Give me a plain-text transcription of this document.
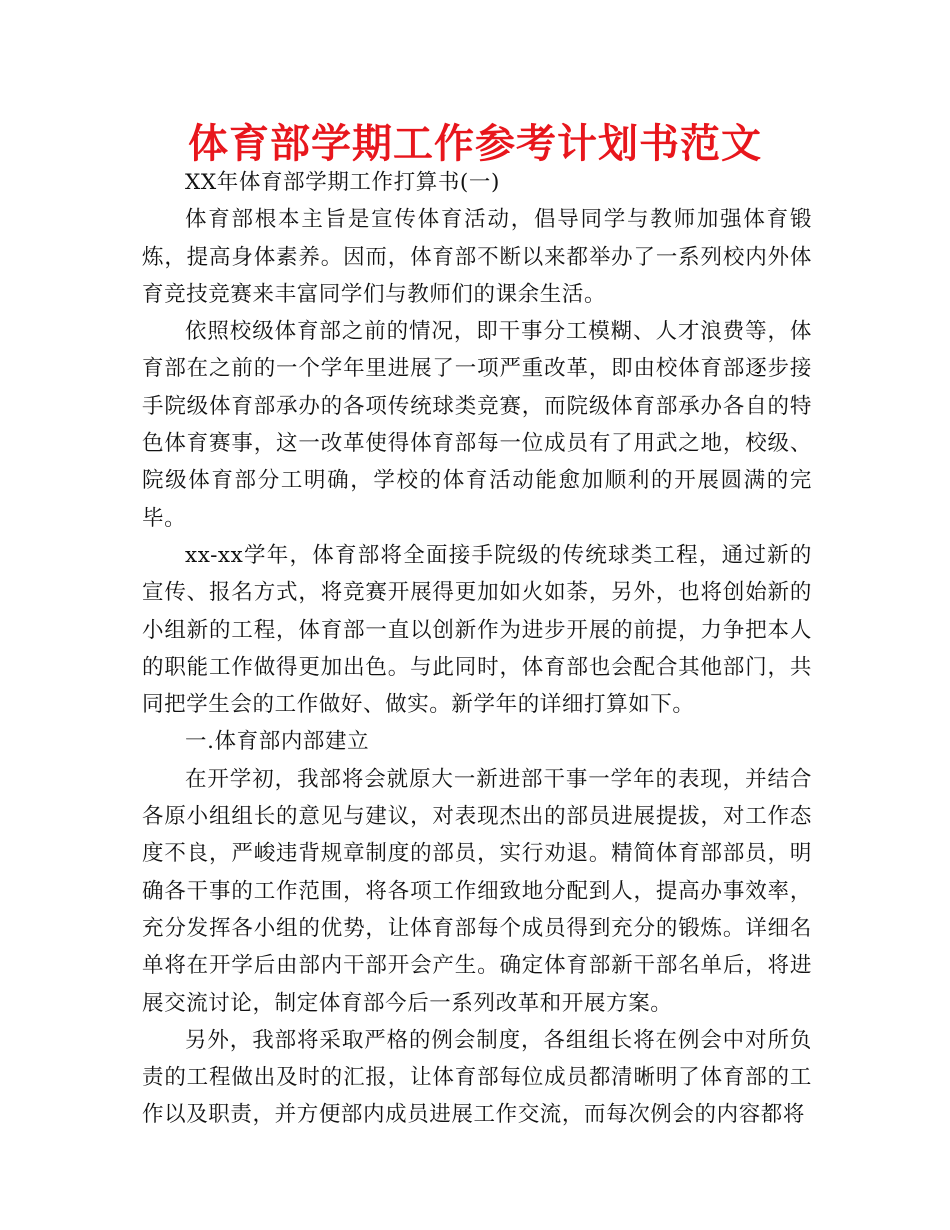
体育部学期工作参考计划书范文

XX年体育部学期工作打算书(一)

体育部根本主旨是宣传体育活动，倡导同学与教师加强体育锻炼，提高身体素养。因而，体育部不断以来都举办了一系列校内外体育竞技竞赛来丰富同学们与教师们的课余生活。

依照校级体育部之前的情况，即干事分工模糊、人才浪费等，体育部在之前的一个学年里进展了一项严重改革，即由校体育部逐步接手院级体育部承办的各项传统球类竞赛，而院级体育部承办各自的特色体育赛事，这一改革使得体育部每一位成员有了用武之地，校级、院级体育部分工明确，学校的体育活动能愈加顺利的开展圆满的完毕。

xx-xx学年，体育部将全面接手院级的传统球类工程，通过新的宣传、报名方式，将竞赛开展得更加如火如荼，另外，也将创始新的小组新的工程，体育部一直以创新作为进步开展的前提，力争把本人的职能工作做得更加出色。与此同时，体育部也会配合其他部门，共同把学生会的工作做好、做实。新学年的详细打算如下。

一.体育部内部建立

在开学初，我部将会就原大一新进部干事一学年的表现，并结合各原小组组长的意见与建议，对表现杰出的部员进展提拔，对工作态度不良，严峻违背规章制度的部员，实行劝退。精简体育部部员，明确各干事的工作范围，将各项工作细致地分配到人，提高办事效率，充分发挥各小组的优势，让体育部每个成员得到充分的锻炼。详细名单将在开学后由部内干部开会产生。确定体育部新干部名单后，将进展交流讨论，制定体育部今后一系列改革和开展方案。

另外，我部将采取严格的例会制度，各组组长将在例会中对所负责的工程做出及时的汇报，让体育部每位成员都清晰明了体育部的工作以及职责，并方便部内成员进展工作交流，而每次例会的内容都将
